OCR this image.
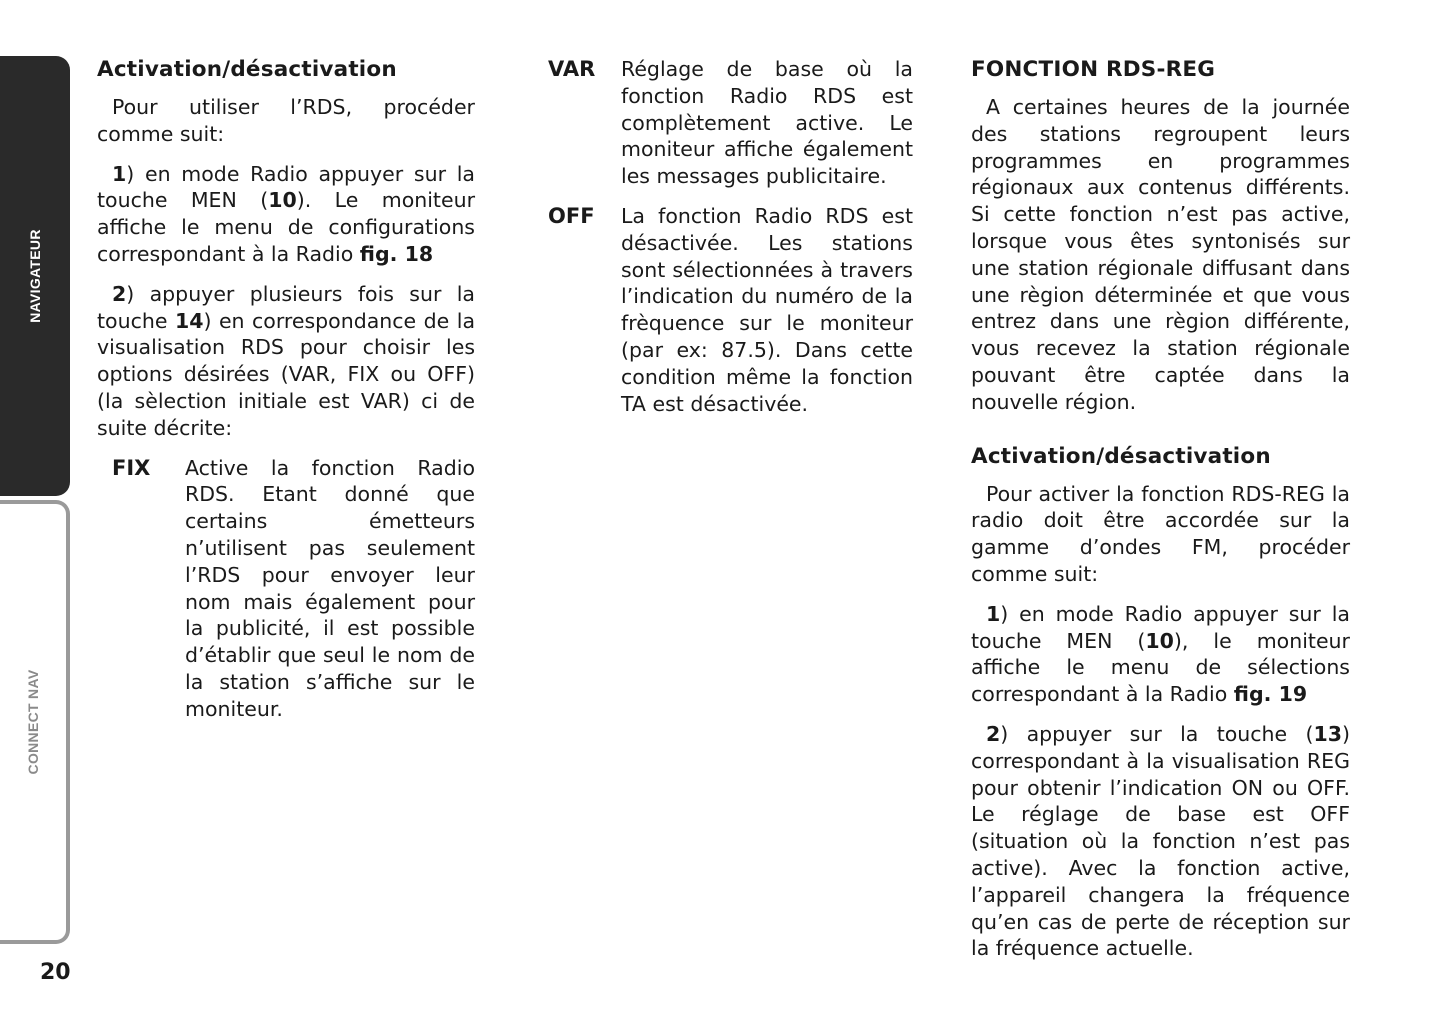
NAVIGATEUR
CONNECT NAV
20
Activation/désactivation

Pour utiliser l’RDS, procéder comme suit:

1) en mode Radio appuyer sur la touche MEN (10). Le moniteur affiche le menu de configurations correspondant à la Radio fig. 18

2) appuyer plusieurs fois sur la touche 14) en correspondance de la visualisation RDS pour choisir les options désirées (VAR, FIX ou OFF) (la sèlection initiale est VAR) ci de suite décrite:

FIX	Active la fonction Radio RDS. Etant donné que certains émetteurs n’utilisent pas seulement l’RDS pour envoyer leur nom mais également pour la publicité, il est possible d’établir que seul le nom de la station s’affiche sur le moniteur.
VAR	Réglage de base où la fonction Radio RDS est complètement active. Le moniteur affiche également les messages publicitaire.
OFF	La fonction Radio RDS est désactivée. Les stations sont sélectionnées à travers l’indication du numéro de la frèquence sur le moniteur (par ex: 87.5). Dans cette condition même la fonction TA est désactivée.
FONCTION RDS-REG

A certaines heures de la journée des stations regroupent leurs programmes en programmes régionaux aux contenus différents. Si cette fonction n’est pas active, lorsque vous êtes syntonisés sur une station régionale diffusant dans une règion déterminée et que vous entrez dans une règion différente, vous recevez la station régionale pouvant être captée dans la nouvelle région.

Activation/désactivation

Pour activer la fonction RDS-REG la radio doit être accordée sur la gamme d’ondes FM, procéder comme suit:

1) en mode Radio appuyer sur la touche MEN (10), le moniteur affiche le menu de sélections correspondant à la Radio fig. 19

2) appuyer sur la touche (13) correspondant à la visualisation REG pour obtenir l’indication ON ou OFF. Le réglage de base est OFF (situation où la fonction n’est pas active). Avec la fonction active, l’appareil changera la fréquence qu’en cas de perte de réception sur la fréquence actuelle.
